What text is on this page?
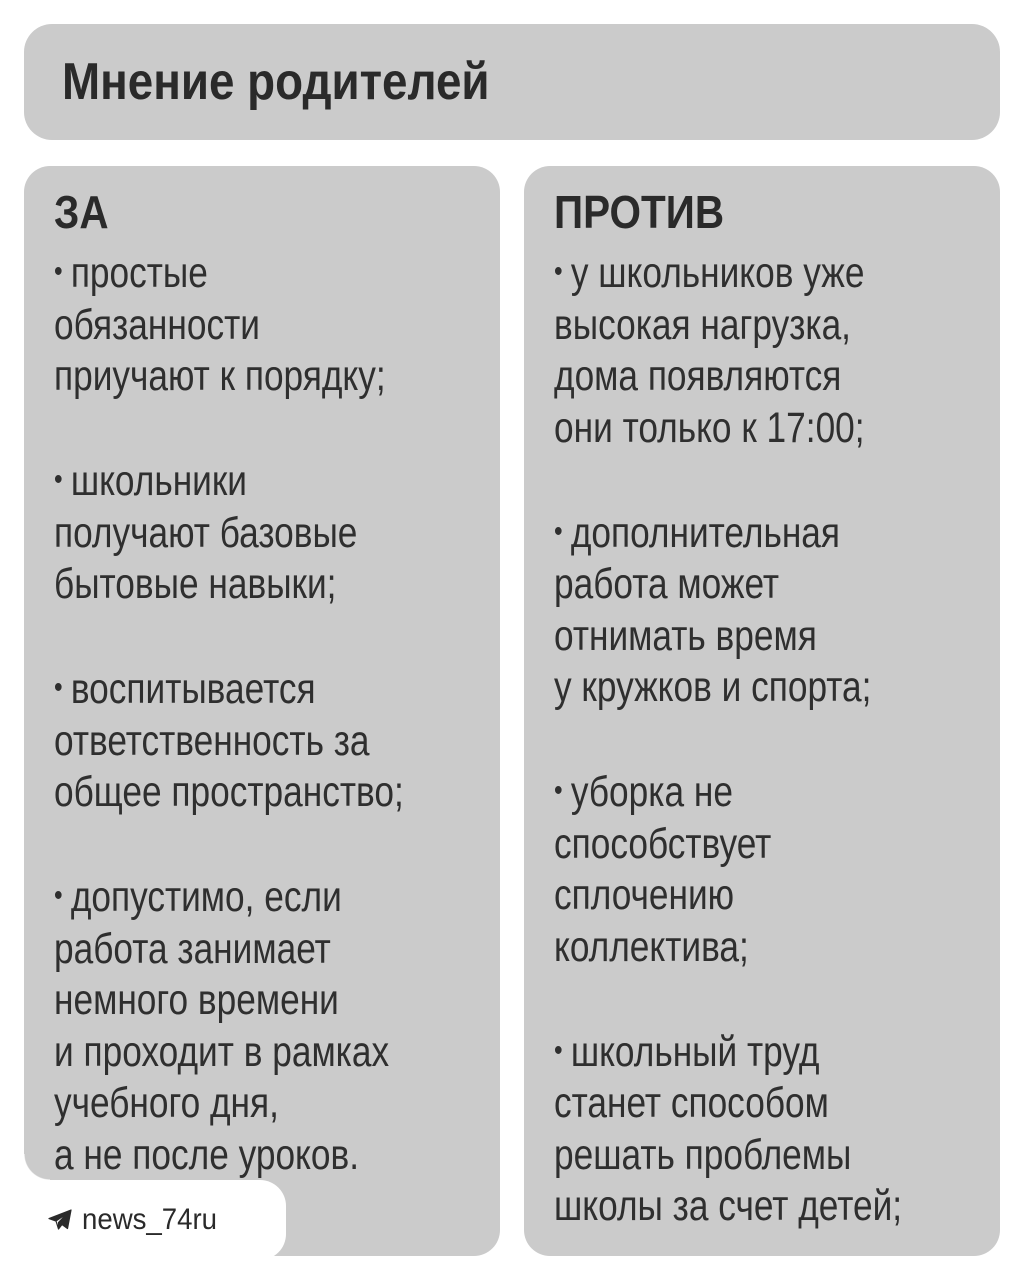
Мнение родителей
ЗА
• простые
обязанности
приучают к порядку;
• школьники
получают базовые
бытовые навыки;
• воспитывается
ответственность за
общее пространство;
• допустимо, если
работа занимает
немного времени
и проходит в рамках
учебного дня,
а не после уроков.
ПРОТИВ
• у школьников уже
высокая нагрузка,
дома появляются
они только к 17:00;
• дополнительная
работа может
отнимать время
у кружков и спорта;
• уборка не
способствует
сплочению
коллектива;
• школьный труд
станет способом
решать проблемы
школы за счет детей;
news_74ru
